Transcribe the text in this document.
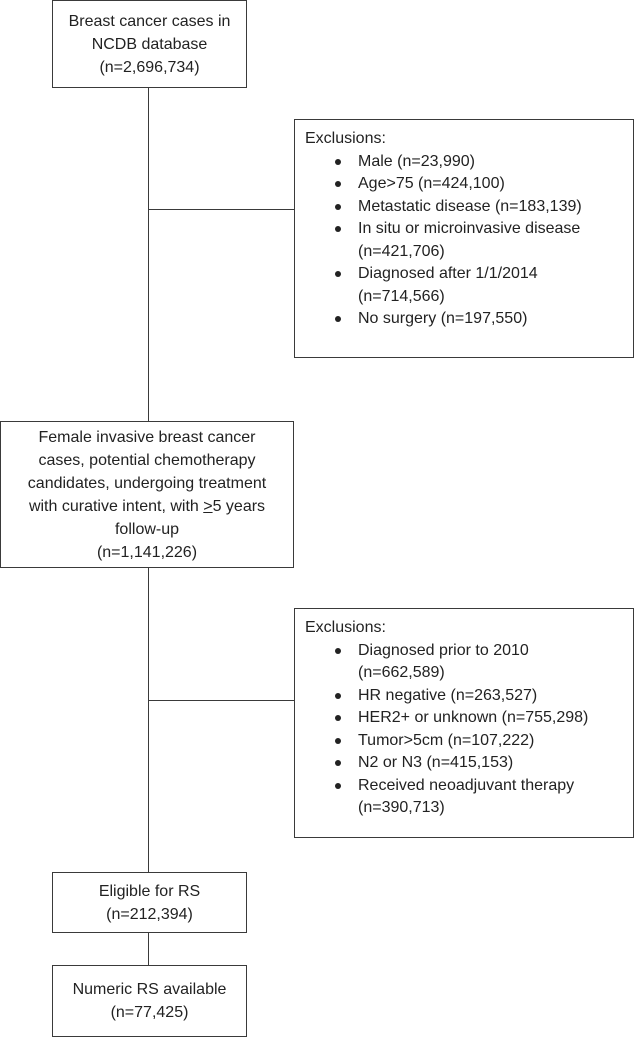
Breast cancer cases in
NCDB database
(n=2,696,734)
Exclusions:
Male (n=23,990)
Age>75 (n=424,100)
Metastatic disease (n=183,139)
In situ or microinvasive disease
(n=421,706)
Diagnosed after 1/1/2014
(n=714,566)
No surgery (n=197,550)
Female invasive breast cancer
cases, potential chemotherapy
candidates, undergoing treatment
with curative intent, with >5 years
follow-up
(n=1,141,226)
Exclusions:
Diagnosed prior to 2010
(n=662,589)
HR negative (n=263,527)
HER2+ or unknown (n=755,298)
Tumor>5cm (n=107,222)
N2 or N3 (n=415,153)
Received neoadjuvant therapy
(n=390,713)
Eligible for RS
(n=212,394)
Numeric RS available
(n=77,425)
